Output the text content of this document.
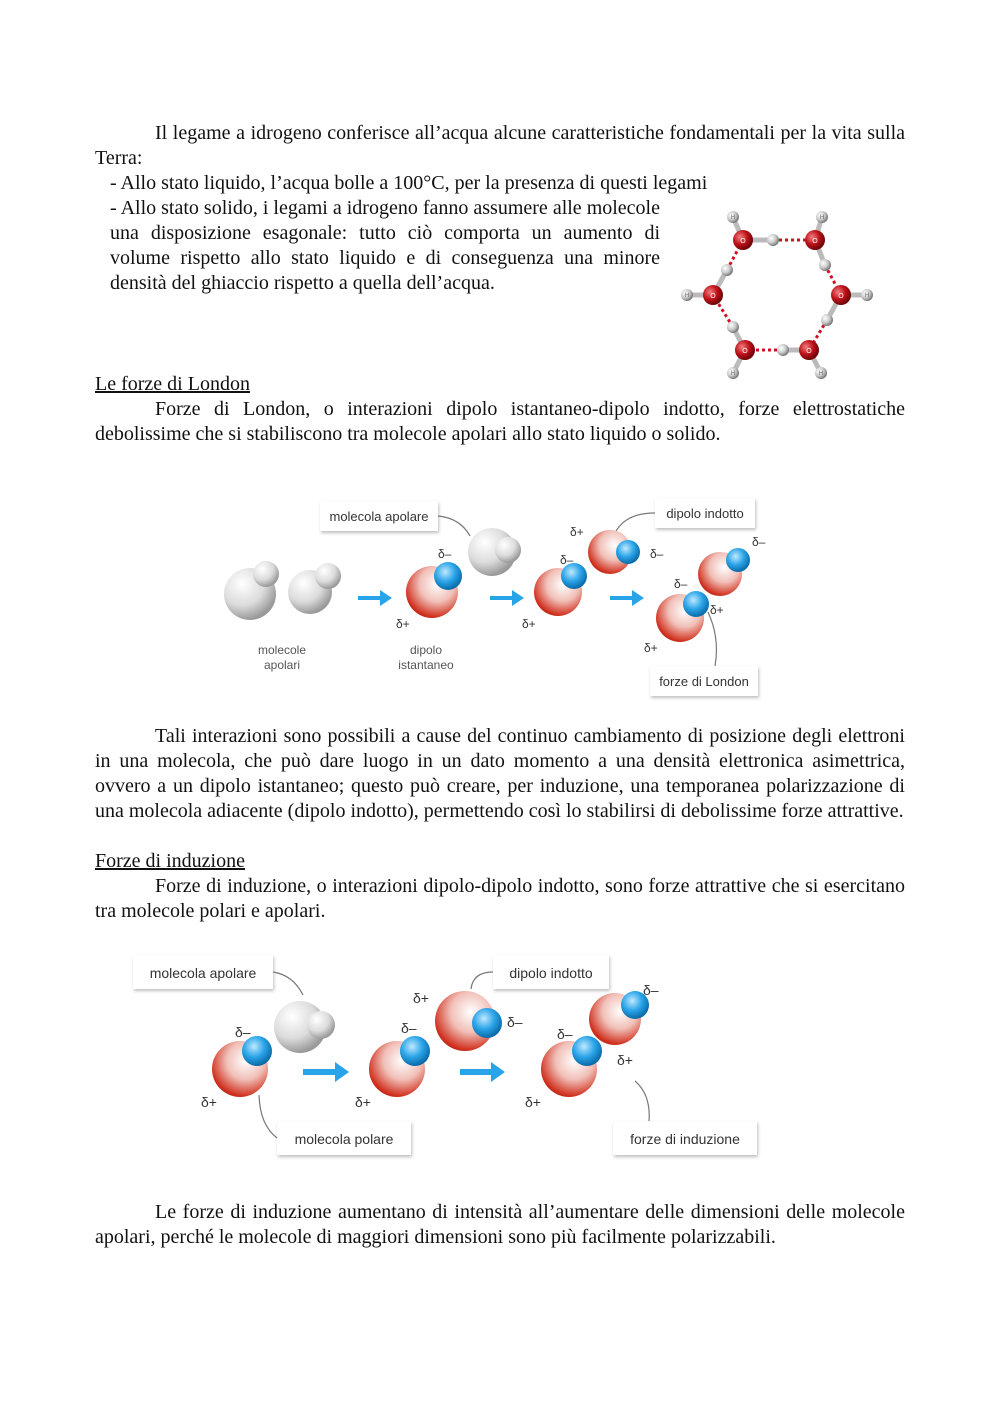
Il legame a idrogeno conferisce all’acqua alcune caratteristiche fondamentali per la vita sulla Terra:

- Allo stato liquido, l’acqua bolle a 100°C, per la presenza di questi legami

- Allo stato solido, i legami a idrogeno fanno assumere alle molecole una disposizione esagonale: tutto ciò comporta un aumento di volume rispetto allo stato liquido e di conseguenza una minore densità del ghiaccio rispetto a quella dell’acqua.

O	O
O	O
O	O
H	H
H	H
H	H
Le forze di London

Forze di London, o interazioni dipolo istantaneo-dipolo indotto, forze elettrostatiche debolissime che si stabiliscono tra molecole apolari allo stato liquido o solido.

molecola apolare	dipolo indotto
molecole
apolari
δ–
δ+
dipolo
istantaneo
δ–
δ+
δ+
δ–
δ–
δ+
δ–
δ+
forze di London

Tali interazioni sono possibili a cause del continuo cambiamento di posizione degli elettroni in una molecola, che può dare luogo in un dato momento a una densità elettronica asimettrica, ovvero a un dipolo istantaneo; questo può creare, per induzione, una temporanea polarizzazione di una molecola adiacente (dipolo indotto), permettendo così lo stabilirsi di debolissime forze attrattive.

Forze di induzione

Forze di induzione, o interazioni dipolo-dipolo indotto, sono forze attrattive che si esercitano tra molecole polari e apolari.

molecola apolare
δ–
δ+
molecola polare
δ–
δ+
δ+
δ–
dipolo indotto
δ–
δ+
δ+
δ–
forze di induzione

Le forze di induzione aumentano di intensità all’aumentare delle dimensioni delle molecole apolari, perché le molecole di maggiori dimensioni sono più facilmente polarizzabili.
